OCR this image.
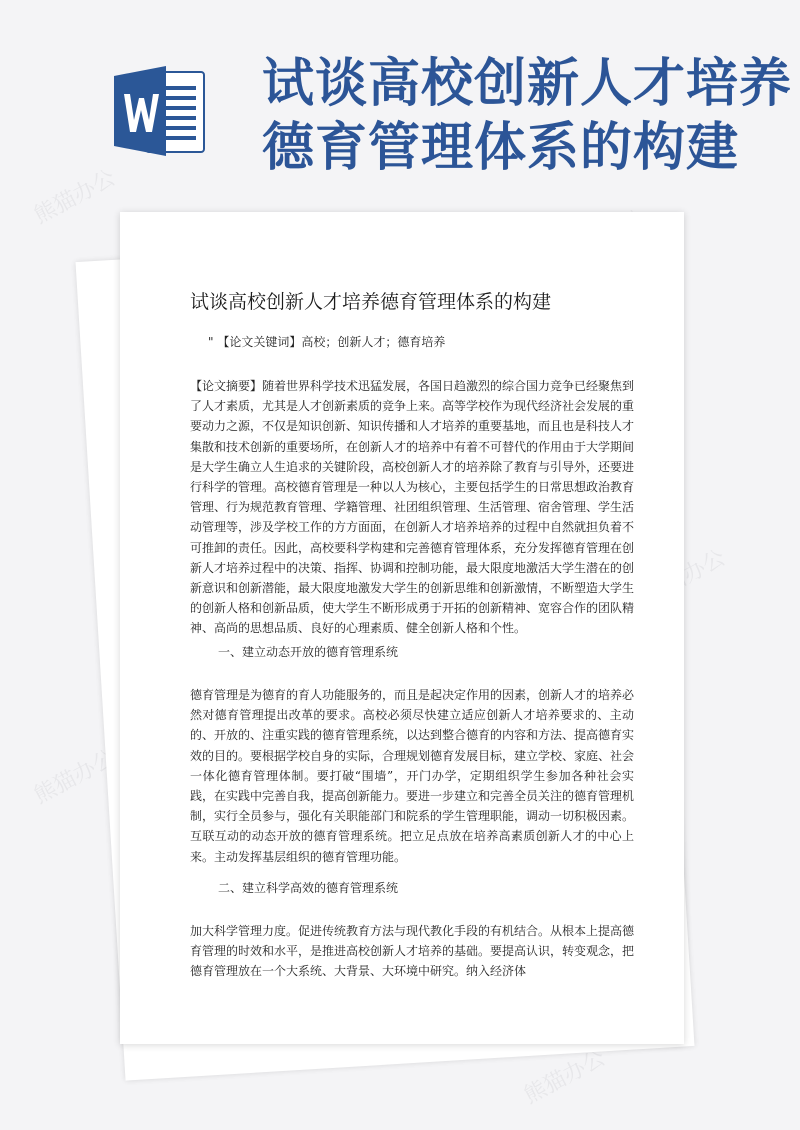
试谈高校创新人才培养
德育管理体系的构建
熊猫办公
熊猫办公
熊猫办公
熊猫办公
试谈高校创新人才培养德育管理体系的构建
" 【论文关键词】高校；创新人才；德育培养

【论文摘要】随着世界科学技术迅猛发展，各国日趋激烈的综合国力竞争已经聚焦到了人才素质，尤其是人才创新素质的竞争上来。高等学校作为现代经济社会发展的重要动力之源，不仅是知识创新、知识传播和人才培养的重要基地，而且也是科技人才集散和技术创新的重要场所，在创新人才的培养中有着不可替代的作用由于大学期间是大学生确立人生追求的关键阶段，高校创新人才的培养除了教育与引导外，还要进行科学的管理。高校德育管理是一种以人为核心，主要包括学生的日常思想政治教育管理、行为规范教育管理、学籍管理、社团组织管理、生活管理、宿舍管理、学生活动管理等，涉及学校工作的方方面面，在创新人才培养培养的过程中自然就担负着不可推卸的责任。因此，高校要科学构建和完善德育管理体系，充分发挥德育管理在创新人才培养过程中的决策、指挥、协调和控制功能，最大限度地激活大学生潜在的创新意识和创新潜能，最大限度地激发大学生的创新思维和创新激情，不断塑造大学生的创新人格和创新品质，使大学生不断形成勇于开拓的创新精神、宽容合作的团队精神、高尚的思想品质、良好的心理素质、健全创新人格和个性。

一、建立动态开放的德育管理系统

德育管理是为德育的育人功能服务的，而且是起决定作用的因素，创新人才的培养必然对德育管理提出改革的要求。高校必须尽快建立适应创新人才培养要求的、主动的、开放的、注重实践的德育管理系统，以达到整合德育的内容和方法、提高德育实效的目的。要根据学校自身的实际，合理规划德育发展目标，建立学校、家庭、社会一体化德育管理体制。要打破“围墙”，开门办学，定期组织学生参加各种社会实践，在实践中完善自我，提高创新能力。要进一步建立和完善全员关注的德育管理机制，实行全员参与，强化有关职能部门和院系的学生管理职能，调动一切积极因素。互联互动的动态开放的德育管理系统。把立足点放在培养高素质创新人才的中心上来。主动发挥基层组织的德育管理功能。

二、建立科学高效的德育管理系统

加大科学管理力度。促进传统教育方法与现代教化手段的有机结合。从根本上提高德育管理的时效和水平，是推进高校创新人才培养的基础。要提高认识，转变观念，把德育管理放在一个大系统、大背景、大环境中研究。纳入经济体
